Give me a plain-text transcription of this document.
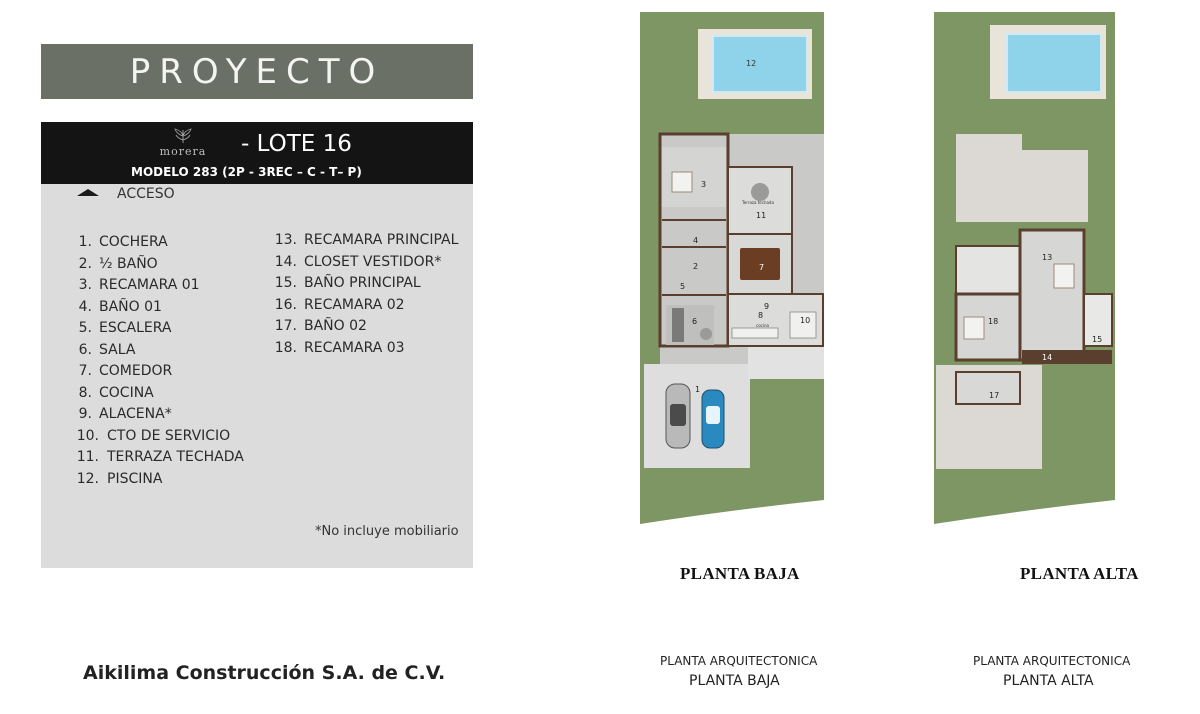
PROYECTO
morera - LOTE 16
MODELO 283 (2P - 3REC – C - T– P)
ACCESO
1. COCHERA
2. ½ BAÑO
3. RECAMARA 01
4. BAÑO 01
5. ESCALERA
6. SALA
7. COMEDOR
8. COCINA
9. ALACENA*
10. CTO DE SERVICIO
11. TERRAZA TECHADA
12. PISCINA
13. RECAMARA PRINCIPAL
14. CLOSET VESTIDOR*
15. BAÑO PRINCIPAL
16. RECAMARA 02
17. BAÑO 02
18. RECAMARA 03
*No incluye mobiliario
Aikilima Construcción S.A. de C.V.
12
3
11
4
2	7
5
6
8
9
10
1
Terraza techada
cocina
13
18
14
15
17
PLANTA BAJA	PLANTA ALTA
PLANTA ARQUITECTONICA
PLANTA BAJA
PLANTA ARQUITECTONICA
PLANTA ALTA
